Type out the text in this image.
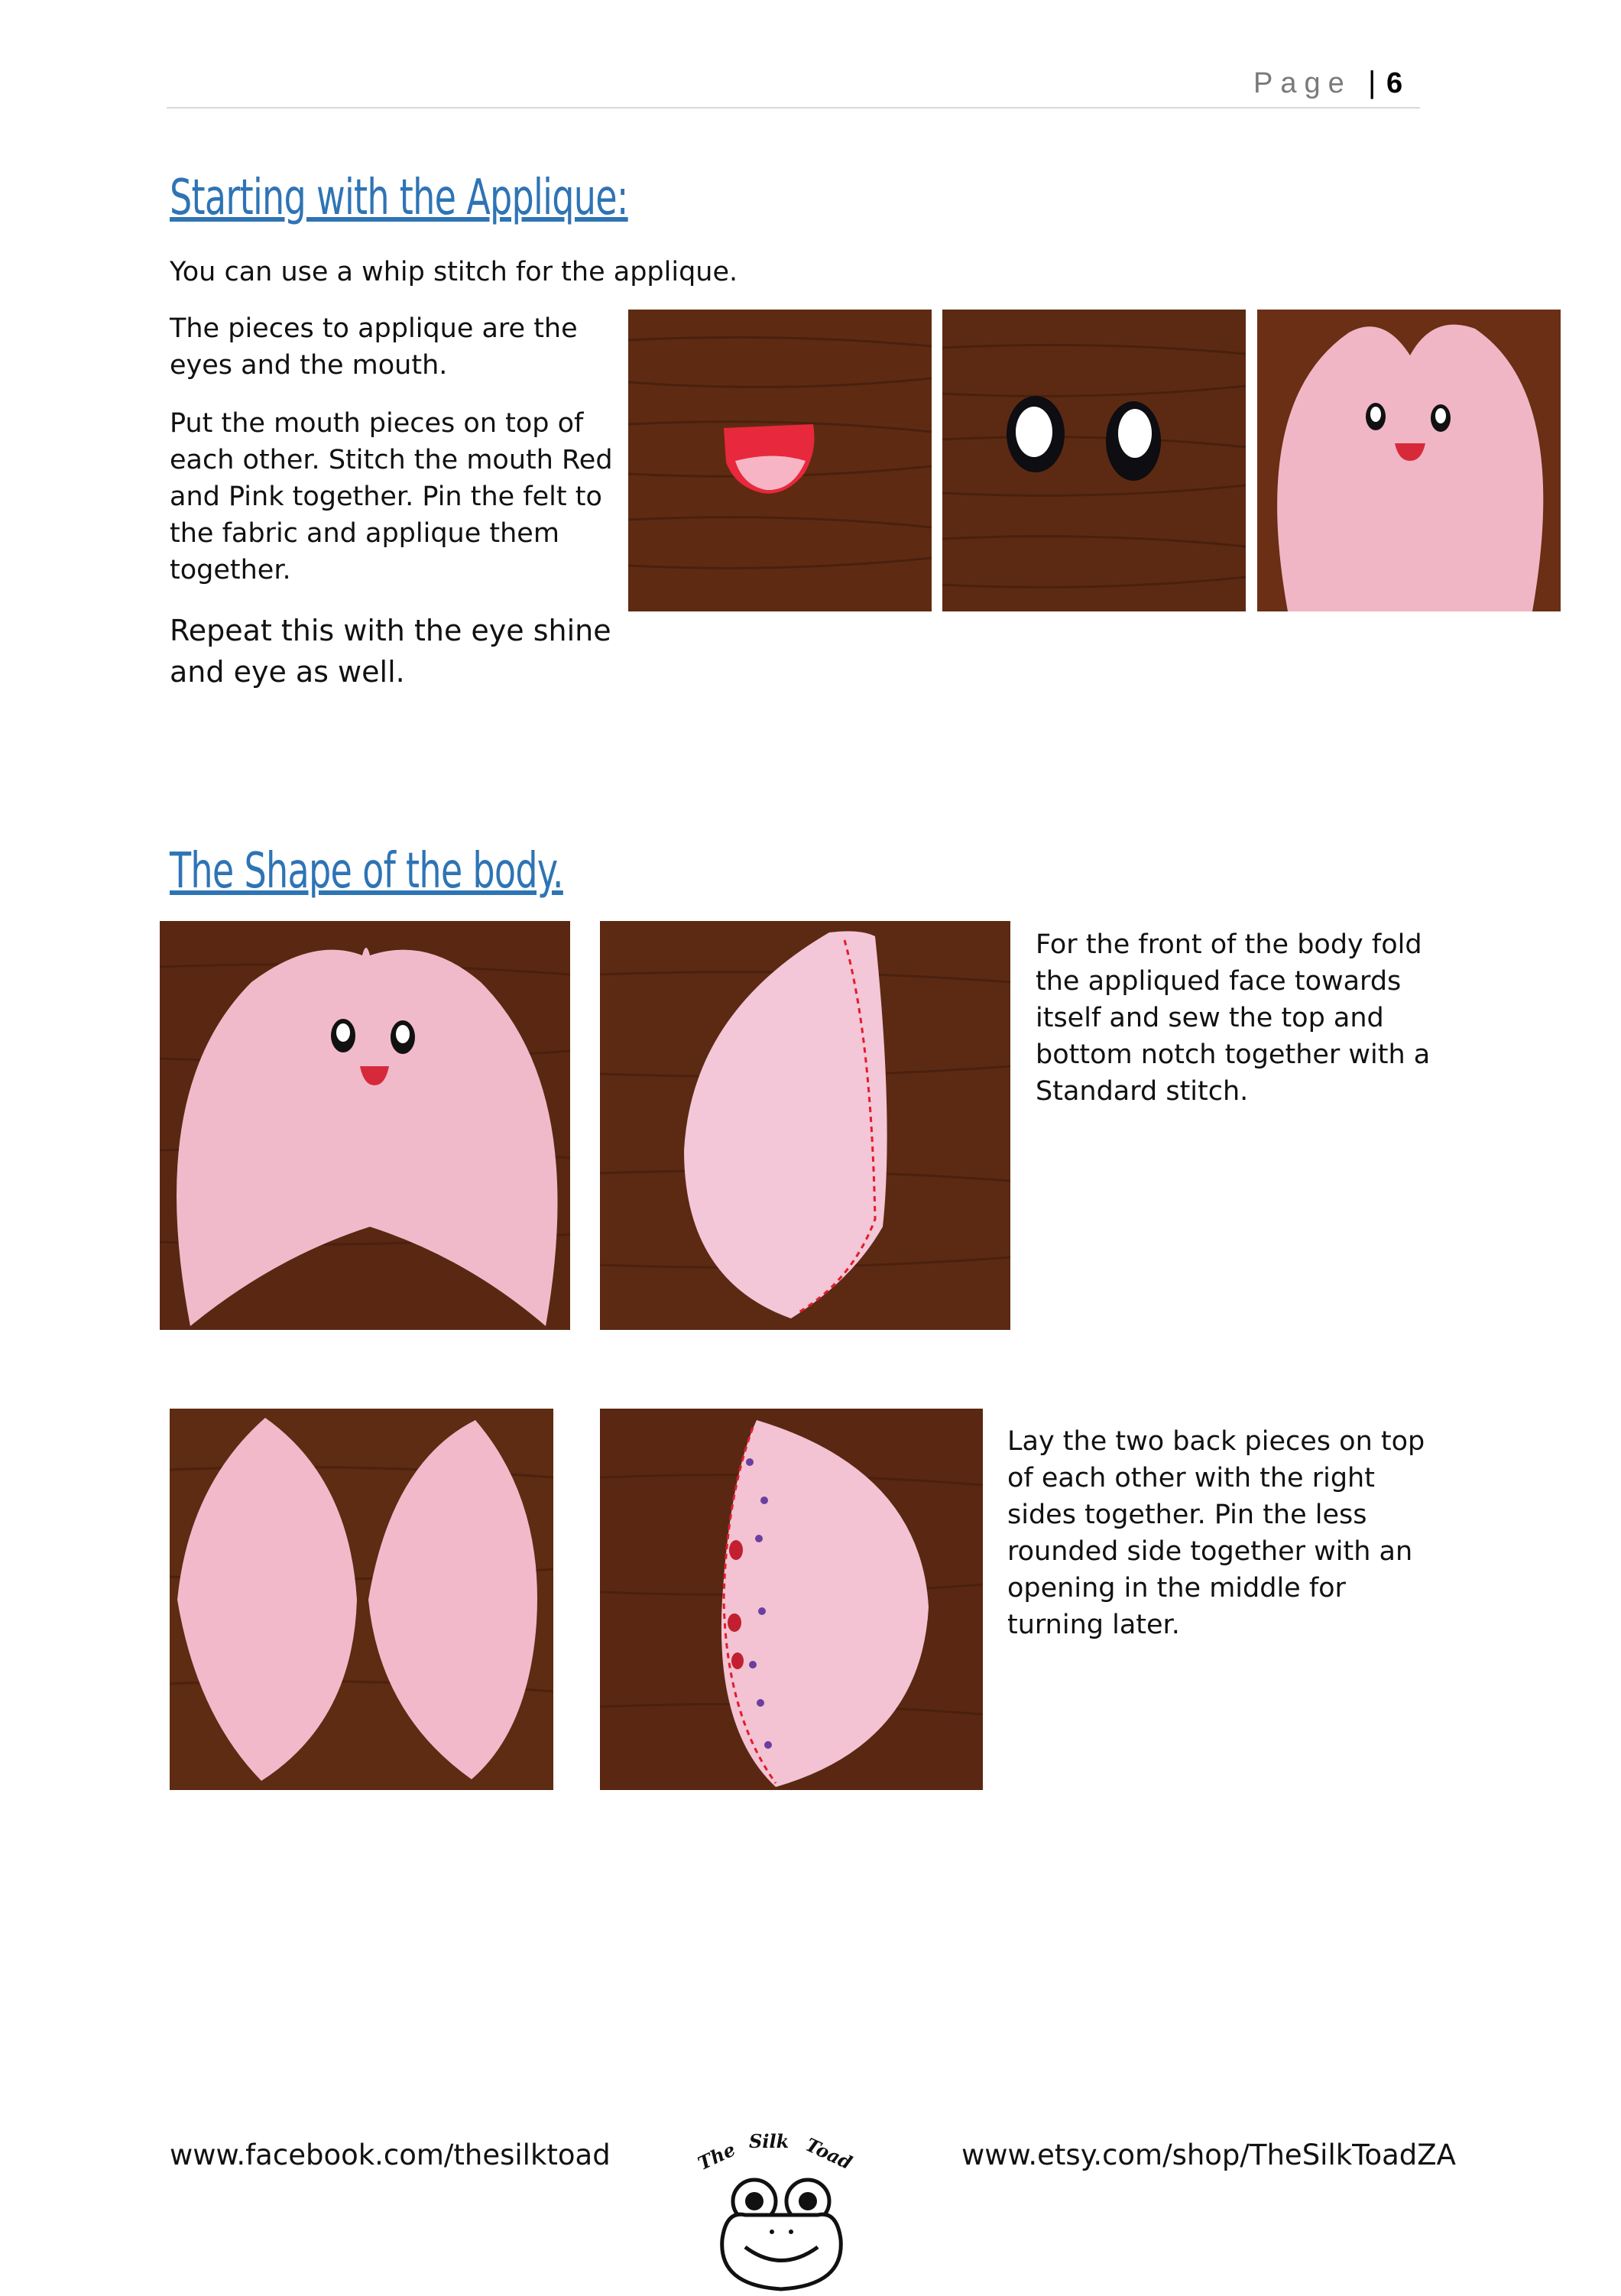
Page | 6
Starting with the Applique:

You can use a whip stitch for the applique.

The pieces to applique are the eyes and the mouth.

Put the mouth pieces on top of each other. Stitch the mouth Red and Pink together. Pin the felt to the fabric and applique them together.

Repeat this with the eye shine and eye as well.

The Shape of the body.

For the front of the body fold the appliqued face towards itself and sew the top and bottom notch together with a Standard stitch.

Lay the two back pieces on top of each other with the right sides together. Pin the less rounded side together with an opening in the middle for turning later.

www.facebook.com/thesilktoad	www.etsy.com/shop/TheSilkToadZA
The Silk Toad
